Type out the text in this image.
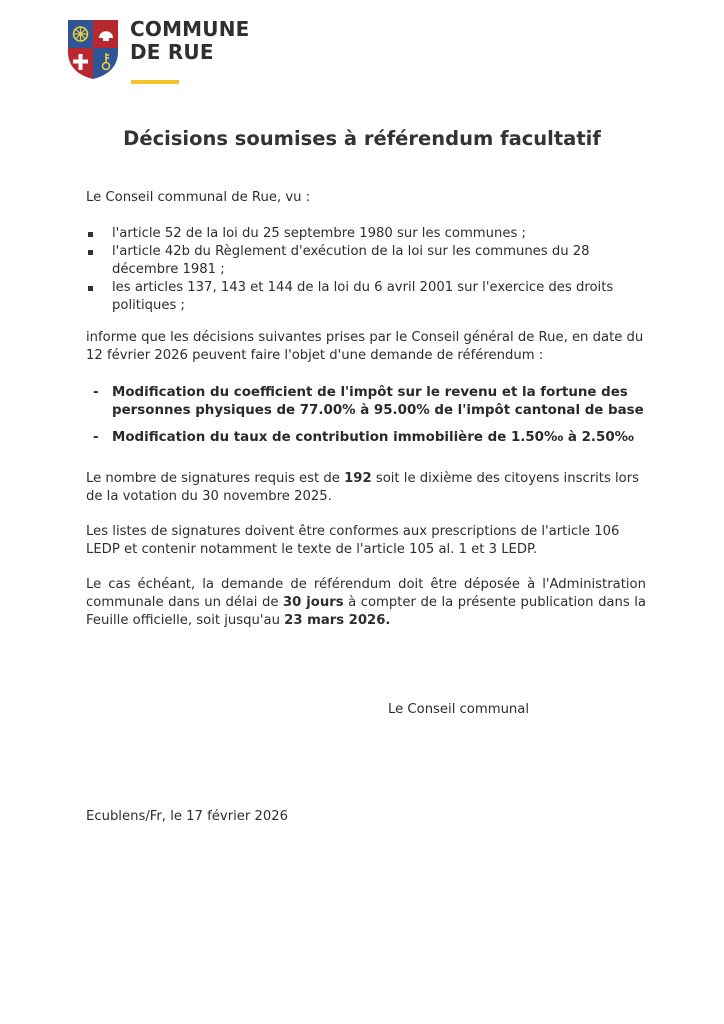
COMMUNE
DE RUE
Décisions soumises à référendum facultatif
Le Conseil communal de Rue, vu :
l'article 52 de la loi du 25 septembre 1980 sur les communes ;
l'article 42b du Règlement d'exécution de la loi sur les communes du 28 décembre 1981 ;
les articles 137, 143 et 144 de la loi du 6 avril 2001 sur l'exercice des droits politiques ;
informe que les décisions suivantes prises par le Conseil général de Rue, en date du 12 février 2026 peuvent faire l'objet d'une demande de référendum :
- Modification du coefficient de l'impôt sur le revenu et la fortune des personnes physiques de 77.00% à 95.00% de l'impôt cantonal de base
- Modification du taux de contribution immobilière de 1.50‰ à 2.50‰
Le nombre de signatures requis est de 192 soit le dixième des citoyens inscrits lors de la votation du 30 novembre 2025.
Les listes de signatures doivent être conformes aux prescriptions de l'article 106 LEDP et contenir notamment le texte de l'article 105 al. 1 et 3 LEDP.
Le cas échéant, la demande de référendum doit être déposée à l'Administration communale dans un délai de 30 jours à compter de la présente publication dans la Feuille officielle, soit jusqu'au 23 mars 2026.
Le Conseil communal
Ecublens/Fr, le 17 février 2026
